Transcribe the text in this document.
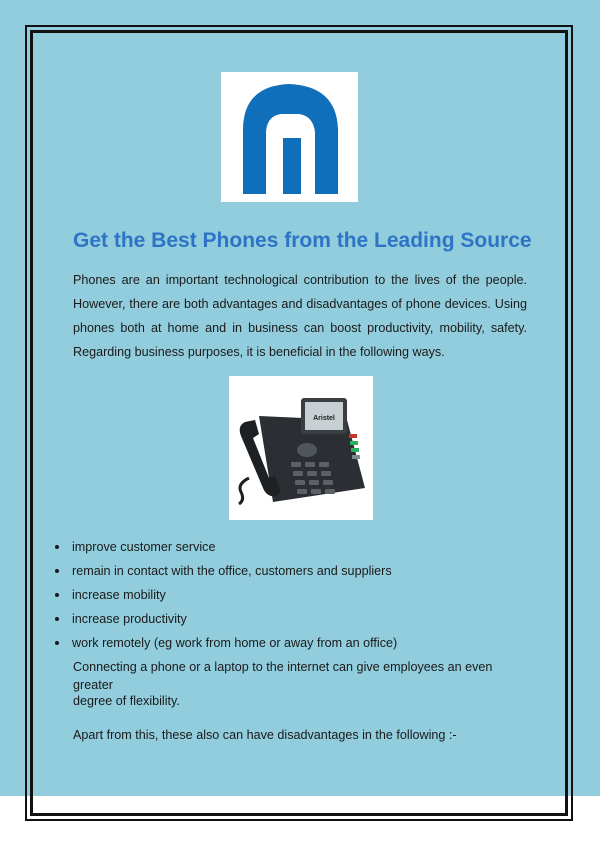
Get the Best Phones from the Leading Source

Phones are an important technological contribution to the lives of the people. However, there are both advantages and disadvantages of phone devices. Using phones both at home and in business can boost productivity, mobility, safety. Regarding business purposes, it is beneficial in the following ways.

Aristel
improve customer service
remain in contact with the office, customers and suppliers
increase mobility
increase productivity
work remotely (eg work from home or away from an office)

Connecting a phone or a laptop to the internet can give employees an even greater

degree of flexibility.

Apart from this, these also can have disadvantages in the following :-
